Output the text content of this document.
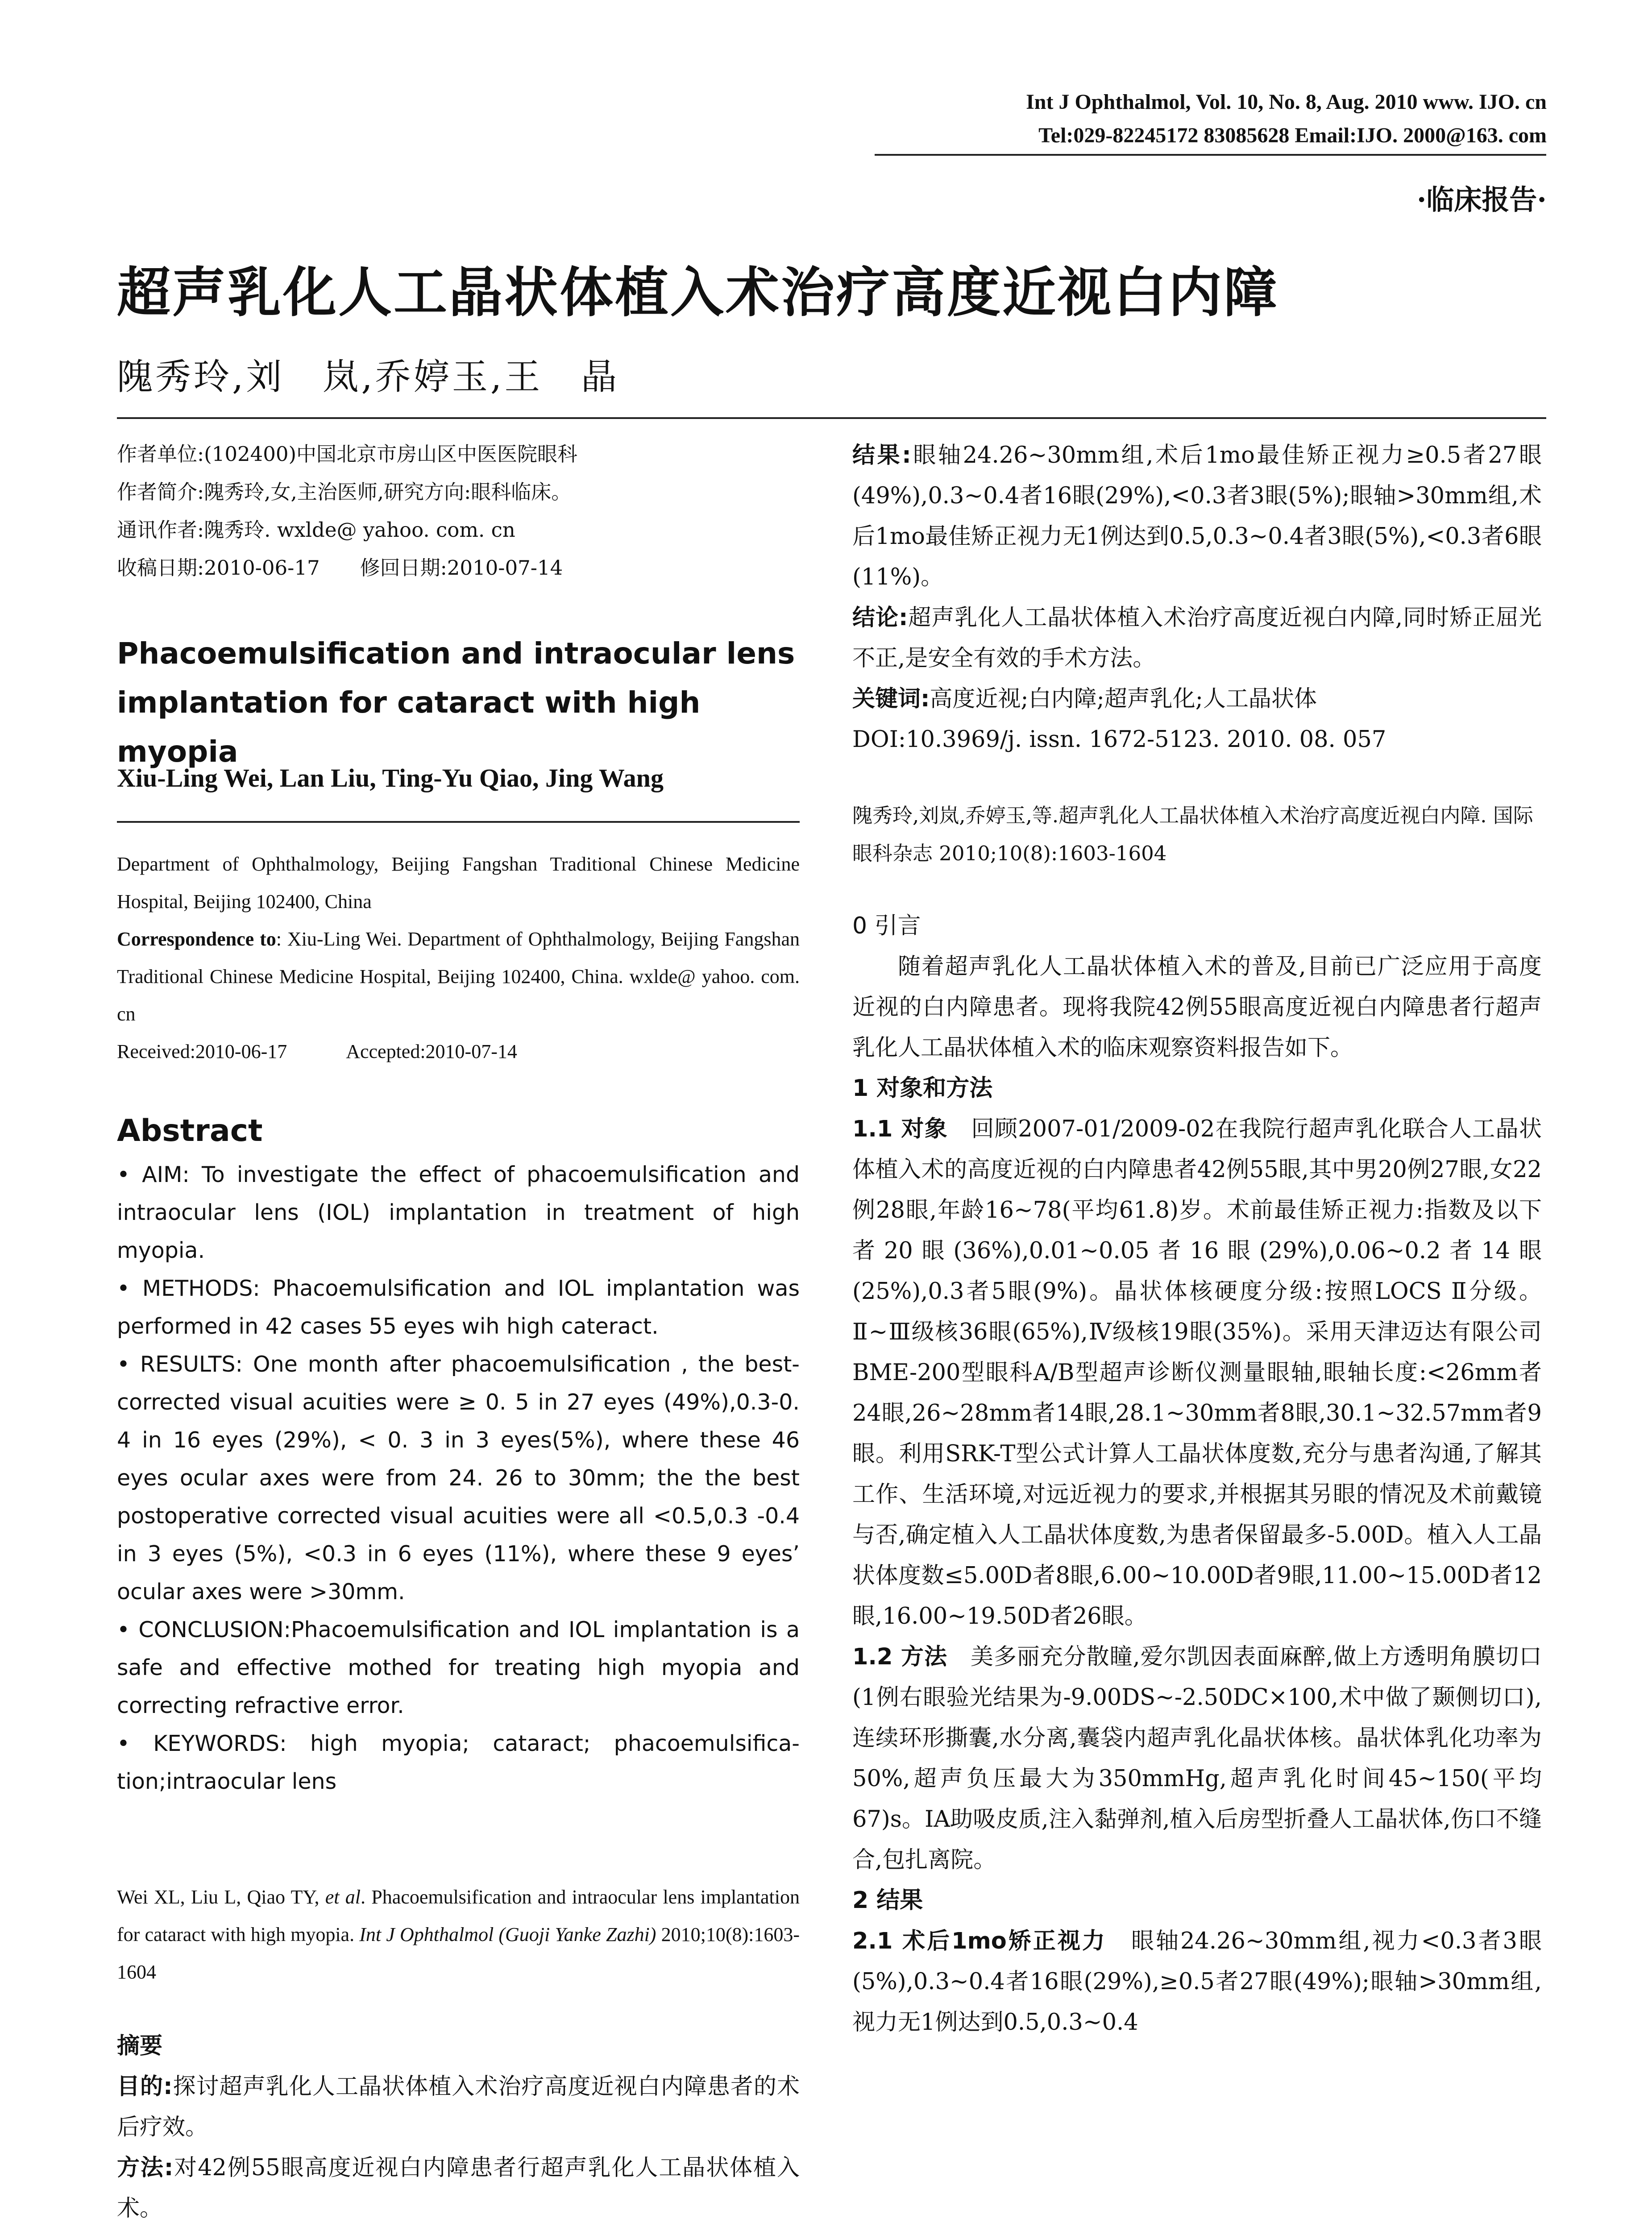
Int J Ophthalmol, Vol. 10, No. 8, Aug. 2010 www. IJO. cn
Tel:029-82245172 83085628 Email:IJO. 2000@163. com
·临床报告·
超声乳化人工晶状体植入术治疗高度近视白内障
隗秀玲,刘　岚,乔婷玉,王　晶

作者单位:(102400)中国北京市房山区中医医院眼科

作者简介:隗秀玲,女,主治医师,研究方向:眼科临床。

通讯作者:隗秀玲. wxlde@ yahoo. com. cn

收稿日期:2010-06-17　　修回日期:2010-07-14

Phacoemulsification and intraocular lens implantation for cataract with high myopia
Xiu-Ling Wei, Lan Liu, Ting-Yu Qiao, Jing Wang

Department of Ophthalmology, Beijing Fangshan Traditional Chinese Medicine Hospital, Beijing 102400, China

Correspondence to: Xiu-Ling Wei. Department of Ophthalmology, Beijing Fangshan Traditional Chinese Medicine Hospital, Beijing 102400, China. wxlde@ yahoo. com. cn

Received:2010-06-17　　　Accepted:2010-07-14

Abstract

• AIM: To investigate the effect of phacoemulsification and intraocular lens (IOL) implantation in treatment of high myopia.

• METHODS: Phacoemulsification and IOL implantation was performed in 42 cases 55 eyes wih high cateract.

• RESULTS: One month after phacoemulsification , the best-corrected visual acuities were ≥ 0. 5 in 27 eyes (49%),0.3-0. 4 in 16 eyes (29%), < 0. 3 in 3 eyes(5%), where these 46 eyes ocular axes were from 24. 26 to 30mm; the the best postoperative corrected visual acuities were all <0.5,0.3 -0.4 in 3 eyes (5%), <0.3 in 6 eyes (11%), where these 9 eyes’ ocular axes were >30mm.

• CONCLUSION:Phacoemulsification and IOL implantation is a safe and effective mothed for treating high myopia and correcting refractive error.

• KEYWORDS: high myopia; cataract; phacoemulsifica-tion;intraocular lens

Wei XL, Liu L, Qiao TY, et al. Phacoemulsification and intraocular lens implantation for cataract with high myopia. Int J Ophthalmol (Guoji Yanke Zazhi) 2010;10(8):1603-1604

摘要

目的:探讨超声乳化人工晶状体植入术治疗高度近视白内障患者的术后疗效。

方法:对42例55眼高度近视白内障患者行超声乳化人工晶状体植入术。

结果:眼轴24.26~30mm组,术后1mo最佳矫正视力≥0.5者27眼(49%),0.3~0.4者16眼(29%),<0.3者3眼(5%);眼轴>30mm组,术后1mo最佳矫正视力无1例达到0.5,0.3~0.4者3眼(5%),<0.3者6眼(11%)。

结论:超声乳化人工晶状体植入术治疗高度近视白内障,同时矫正屈光不正,是安全有效的手术方法。

关键词:高度近视;白内障;超声乳化;人工晶状体

DOI:10.3969/j. issn. 1672-5123. 2010. 08. 057

隗秀玲,刘岚,乔婷玉,等.超声乳化人工晶状体植入术治疗高度近视白内障. 国际眼科杂志 2010;10(8):1603-1604

0 引言

随着超声乳化人工晶状体植入术的普及,目前已广泛应用于高度近视的白内障患者。现将我院42例55眼高度近视白内障患者行超声乳化人工晶状体植入术的临床观察资料报告如下。

1 对象和方法

1.1 对象　回顾2007-01/2009-02在我院行超声乳化联合人工晶状体植入术的高度近视的白内障患者42例55眼,其中男20例27眼,女22例28眼,年龄16~78(平均61.8)岁。术前最佳矫正视力:指数及以下者20眼(36%),0.01~0.05者16眼(29%),0.06~0.2者14眼(25%),0.3者5眼(9%)。晶状体核硬度分级:按照LOCS Ⅱ分级。Ⅱ~Ⅲ级核36眼(65%),Ⅳ级核19眼(35%)。采用天津迈达有限公司BME-200型眼科A/B型超声诊断仪测量眼轴,眼轴长度:<26mm者24眼,26~28mm者14眼,28.1~30mm者8眼,30.1~32.57mm者9眼。利用SRK-T型公式计算人工晶状体度数,充分与患者沟通,了解其工作、生活环境,对远近视力的要求,并根据其另眼的情况及术前戴镜与否,确定植入人工晶状体度数,为患者保留最多-5.00D。植入人工晶状体度数≤5.00D者8眼,6.00~10.00D者9眼,11.00~15.00D者12眼,16.00~19.50D者26眼。

1.2 方法　美多丽充分散瞳,爱尔凯因表面麻醉,做上方透明角膜切口(1例右眼验光结果为-9.00DS~-2.50DC×100,术中做了颞侧切口),连续环形撕囊,水分离,囊袋内超声乳化晶状体核。晶状体乳化功率为50%,超声负压最大为350mmHg,超声乳化时间45~150(平均67)s。IA助吸皮质,注入黏弹剂,植入后房型折叠人工晶状体,伤口不缝合,包扎离院。

2 结果

2.1 术后1mo矫正视力　眼轴24.26~30mm组,视力<0.3者3眼(5%),0.3~0.4者16眼(29%),≥0.5者27眼(49%);眼轴>30mm组,视力无1例达到0.5,0.3~0.4
